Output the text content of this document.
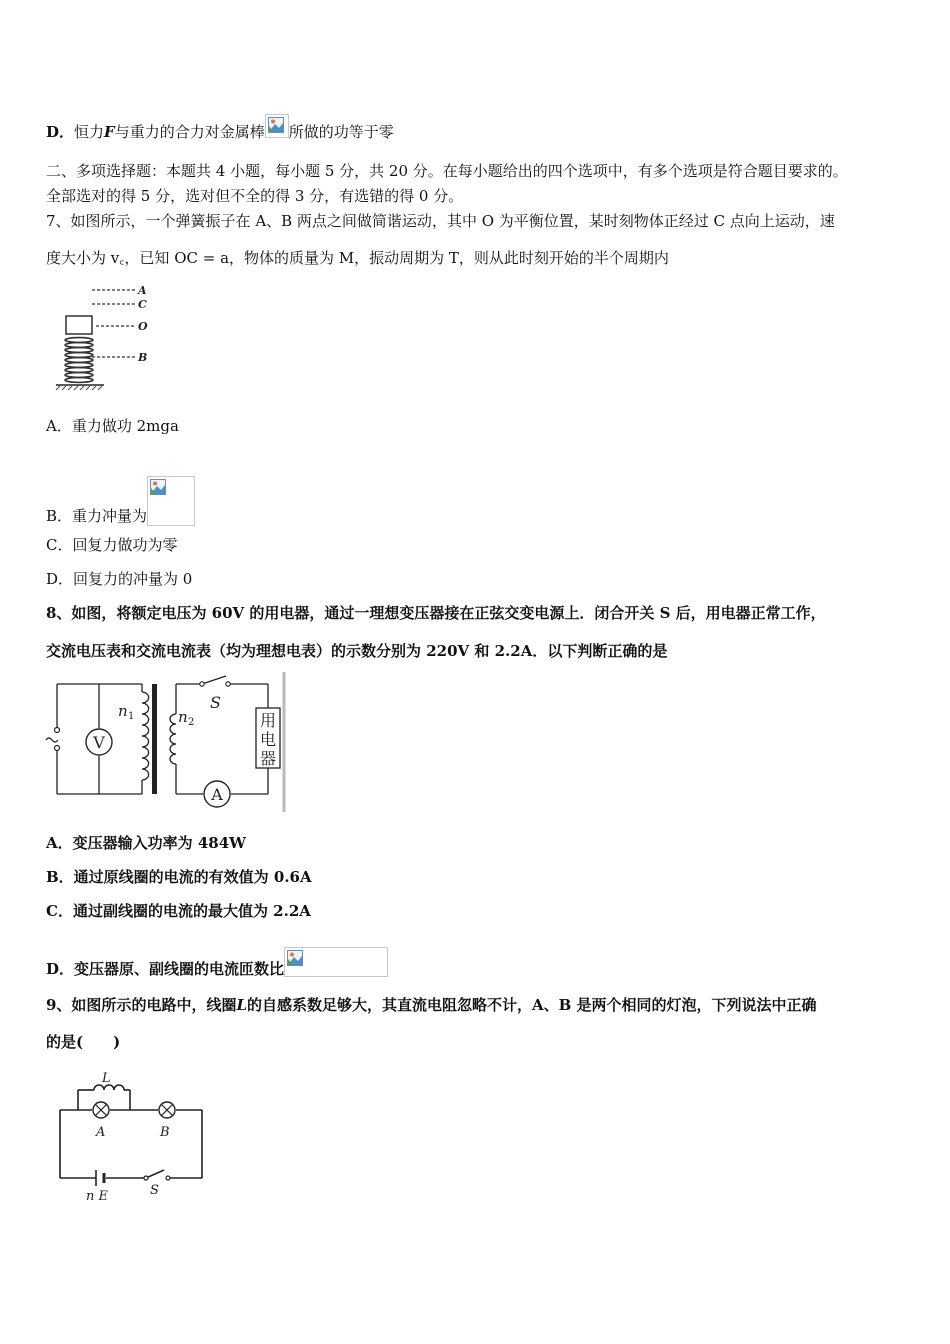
D．恒力F与重力的合力对金属棒 所做的功等于零
二、多项选择题：本题共 4 小题，每小题 5 分，共 20 分。在每小题给出的四个选项中，有多个选项是符合题目要求的。
全部选对的得 5 分，选对但不全的得 3 分，有选错的得 0 分。
7、如图所示，一个弹簧振子在 A、B 两点之间做简谐运动，其中 O 为平衡位置，某时刻物体正经过 C 点向上运动，速
度大小为 v꜀，已知 OC = a，物体的质量为 M，振动周期为 T，则从此时刻开始的半个周期内
A
C
O
B
A．重力做功 2mga
B．重力冲量为
C．回复力做功为零
D．回复力的冲量为 0
8、如图，将额定电压为 60V 的用电器，通过一理想变压器接在正弦交变电源上．闭合开关 S 后，用电器正常工作，
交流电压表和交流电流表（均为理想电表）的示数分别为 220V 和 2.2A．以下判断正确的是
V
A
用
电
器
n 1	n 2
S
A．变压器输入功率为 484W
B．通过原线圈的电流的有效值为 0.6A
C．通过副线圈的电流的最大值为 2.2A
D．变压器原、副线圈的电流匝数比
9、如图所示的电路中，线圈L的自感系数足够大，其直流电阻忽略不计，A、B 是两个相同的灯泡，下列说法中正确
的是(　　)
L
A	B
n E	S
